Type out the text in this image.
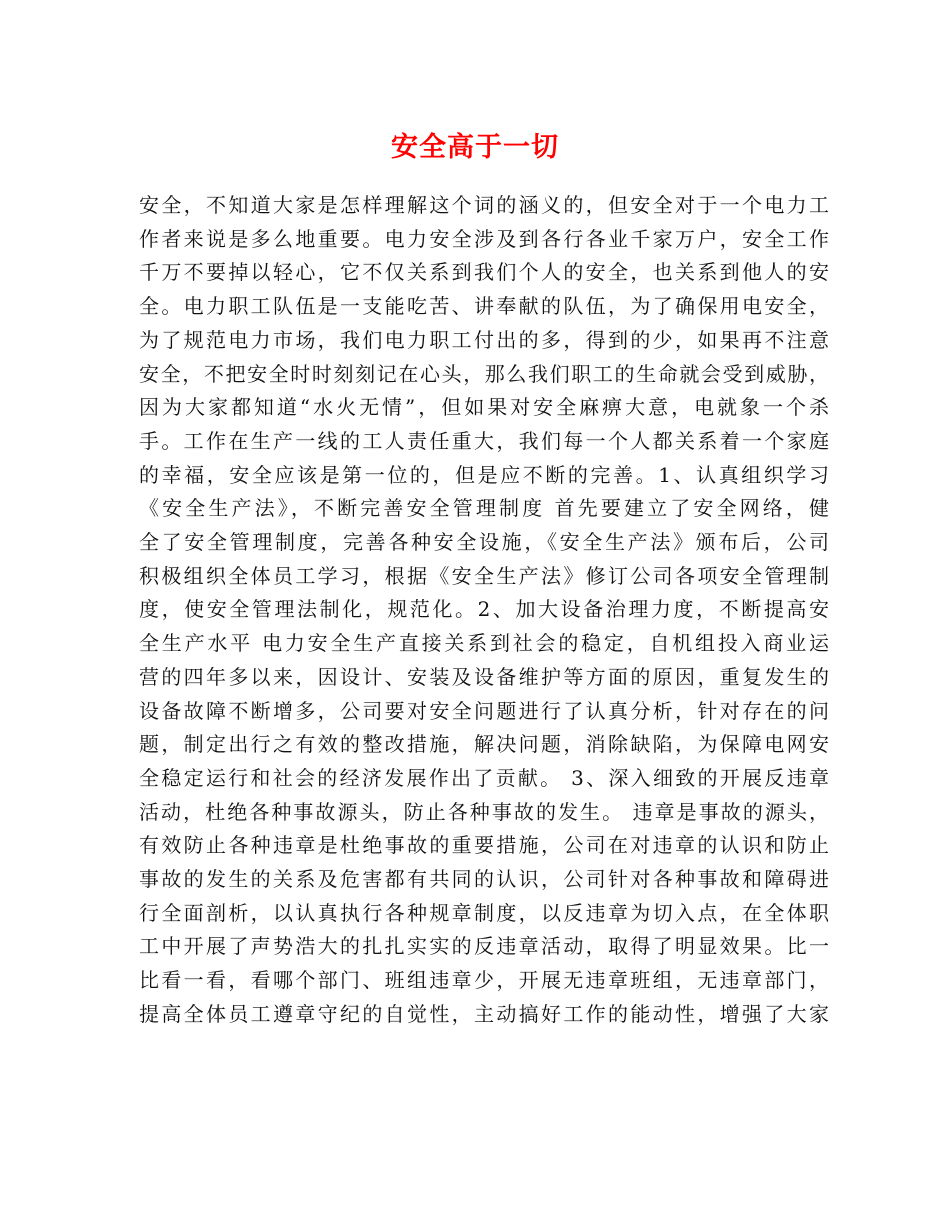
安全高于一切
安全，不知道大家是怎样理解这个词的涵义的，但安全对于一个电力工
作者来说是多么地重要。电力安全涉及到各行各业千家万户，安全工作
千万不要掉以轻心，它不仅关系到我们个人的安全，也关系到他人的安
全。电力职工队伍是一支能吃苦、讲奉献的队伍，为了确保用电安全，
为了规范电力市场，我们电力职工付出的多，得到的少，如果再不注意
安全，不把安全时时刻刻记在心头，那么我们职工的生命就会受到威胁，
因为大家都知道“水火无情”，但如果对安全麻痹大意，电就象一个杀
手。工作在生产一线的工人责任重大，我们每一个人都关系着一个家庭
的幸福，安全应该是第一位的，但是应不断的完善。1、认真组织学习
《安全生产法》，不断完善安全管理制度 首先要建立了安全网络，健
全了安全管理制度，完善各种安全设施，《安全生产法》颁布后，公司
积极组织全体员工学习，根据《安全生产法》修订公司各项安全管理制
度，使安全管理法制化，规范化。2、加大设备治理力度，不断提高安
全生产水平 电力安全生产直接关系到社会的稳定，自机组投入商业运
营的四年多以来，因设计、安装及设备维护等方面的原因，重复发生的
设备故障不断增多，公司要对安全问题进行了认真分析，针对存在的问
题，制定出行之有效的整改措施，解决问题，消除缺陷，为保障电网安
全稳定运行和社会的经济发展作出了贡献。 3、深入细致的开展反违章
活动，杜绝各种事故源头，防止各种事故的发生。 违章是事故的源头，
有效防止各种违章是杜绝事故的重要措施，公司在对违章的认识和防止
事故的发生的关系及危害都有共同的认识，公司针对各种事故和障碍进
行全面剖析，以认真执行各种规章制度，以反违章为切入点，在全体职
工中开展了声势浩大的扎扎实实的反违章活动，取得了明显效果。比一
比看一看，看哪个部门、班组违章少，开展无违章班组，无违章部门，
提高全体员工遵章守纪的自觉性，主动搞好工作的能动性，增强了大家
